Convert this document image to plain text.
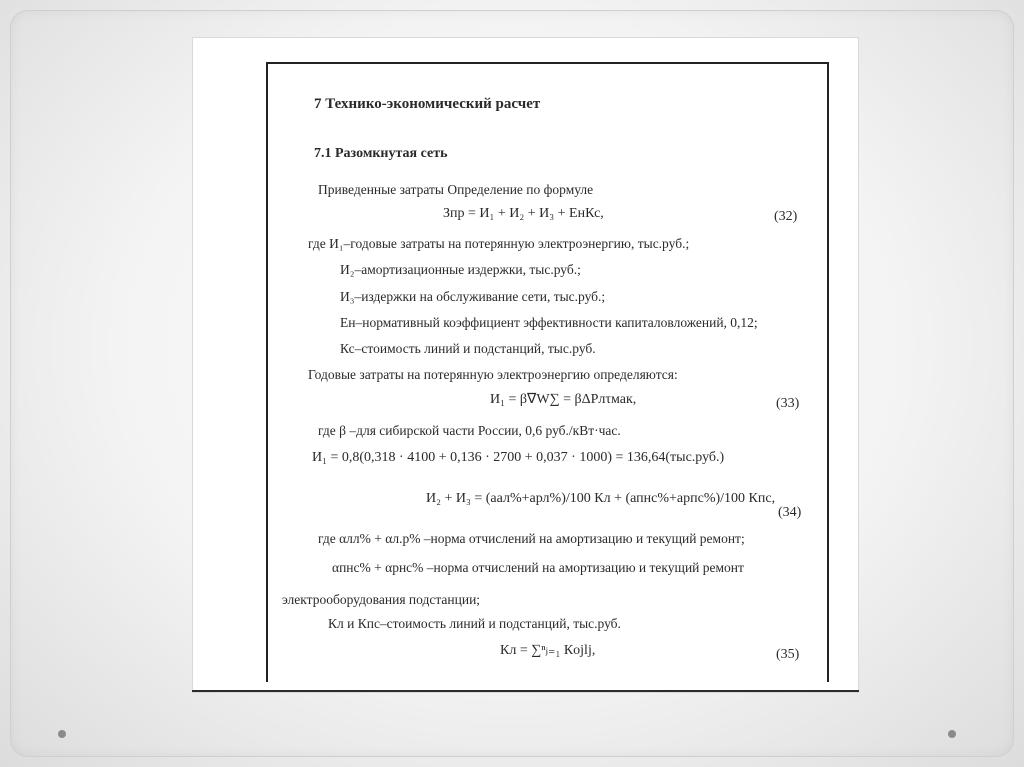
7 Технико-экономический расчет
7.1 Разомкнутая сеть
Приведенные затраты Определение по формуле
Зпр = И₁ + И₂ + И₃ + ЕнКс,	(32)
где И₁–годовые затраты на потерянную электроэнергию, тыс.руб.;
И₂–амортизационные издержки, тыс.руб.;
И₃–издержки на обслуживание сети, тыс.руб.;
Ен–нормативный коэффициент эффективности капиталовложений, 0,12;
Кс–стоимость линий и подстанций, тыс.руб.
Годовые затраты на потерянную электроэнергию определяются:
И₁ = β∇W∑ = βΔPлτмак,	(33)
где β –для сибирской части России, 0,6 руб./кВт·час.
И₁ = 0,8(0,318 · 4100 + 0,136 · 2700 + 0,037 · 1000) = 136,64(тыс.руб.)
И₂ + И₃ = (аал%+арл%)/100 Кл + (апнс%+арпс%)/100 Кпс,
(34)
где αлл% + αл.р% –норма отчислений на амортизацию и текущий ремонт;
αпнс% + αрнс% –норма отчислений на амортизацию и текущий ремонт
электрооборудования подстанции;
Кл и Кпс–стоимость линий и подстанций, тыс.руб.
Кл = ∑ⁿⱼ₌₁ Кojlj,	(35)
